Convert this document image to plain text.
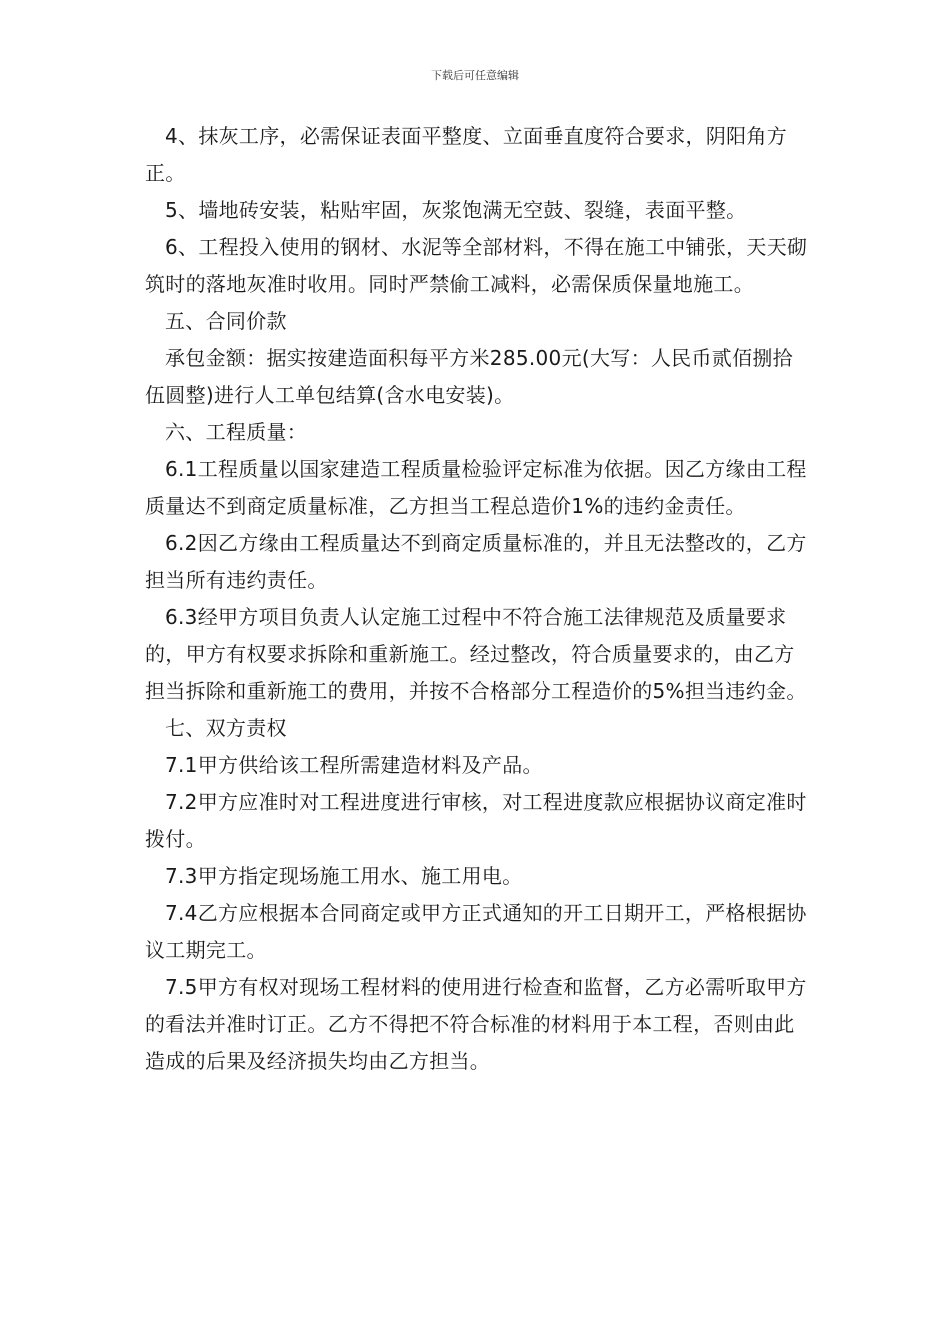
下载后可任意编辑

4、抹灰工序，必需保证表面平整度、立面垂直度符合要求，阴阳角方正。

5、墙地砖安装，粘贴牢固，灰浆饱满无空鼓、裂缝，表面平整。

6、工程投入使用的钢材、水泥等全部材料，不得在施工中铺张，天天砌筑时的落地灰准时收用。同时严禁偷工减料，必需保质保量地施工。

五、合同价款

承包金额：据实按建造面积每平方米285.00元(大写：人民币贰佰捌拾伍圆整)进行人工单包结算(含水电安装)。

六、工程质量：

6.1工程质量以国家建造工程质量检验评定标准为依据。因乙方缘由工程质量达不到商定质量标准，乙方担当工程总造价1%的违约金责任。

6.2因乙方缘由工程质量达不到商定质量标准的，并且无法整改的，乙方担当所有违约责任。

6.3经甲方项目负责人认定施工过程中不符合施工法律规范及质量要求的，甲方有权要求拆除和重新施工。经过整改，符合质量要求的，由乙方担当拆除和重新施工的费用，并按不合格部分工程造价的5%担当违约金。

七、双方责权

7.1甲方供给该工程所需建造材料及产品。

7.2甲方应准时对工程进度进行审核，对工程进度款应根据协议商定准时拨付。

7.3甲方指定现场施工用水、施工用电。

7.4乙方应根据本合同商定或甲方正式通知的开工日期开工，严格根据协议工期完工。

7.5甲方有权对现场工程材料的使用进行检查和监督，乙方必需听取甲方的看法并准时订正。乙方不得把不符合标准的材料用于本工程，否则由此造成的后果及经济损失均由乙方担当。
